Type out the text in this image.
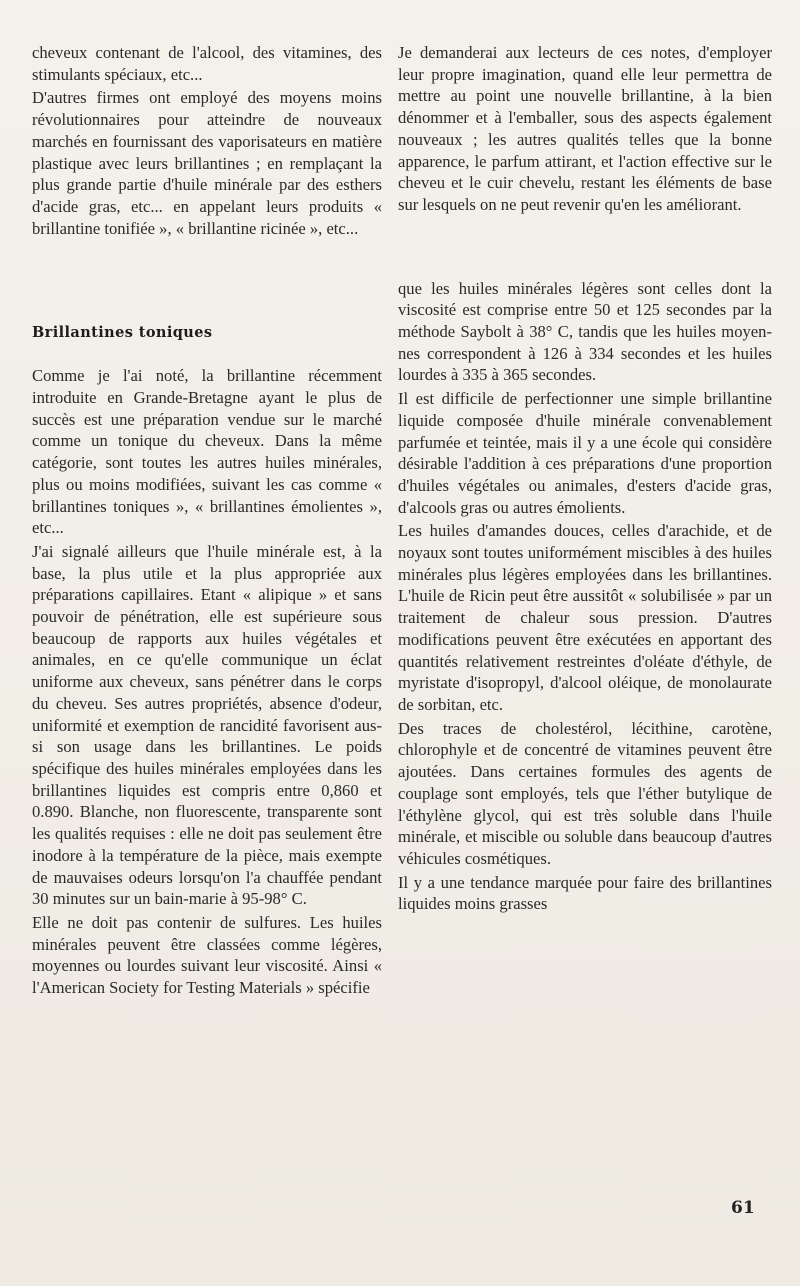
cheveux contenant de l'alcool, des vitamines, des stimulants spéciaux, etc...

D'autres firmes ont employé des moyens moins révolutionnaires pour atteindre de nouveaux marchés en fournissant des vaporisateurs en matière plastique avec leurs brillantines ; en remplaçant la plus grande partie d'huile minérale par des esthers d'acide gras, etc... en appelant leurs produits « brillantine tonifiée », « brillantine ricinée », etc...

Brillantines toniques

Comme je l'ai noté, la brillantine récemment introduite en Grande-Bretagne ayant le plus de succès est une préparation vendue sur le marché comme un tonique du cheveux. Dans la même catégorie, sont toutes les autres huiles minérales, plus ou moins modifiées, suivant les cas comme « brillantines toniques », « brillantines émolientes », etc...

J'ai signalé ailleurs que l'huile minérale est, à la base, la plus utile et la plus appropriée aux préparations capillaires. Etant « alipique » et sans pouvoir de pénétration, elle est supérieure sous beaucoup de rapports aux huiles végétales et animales, en ce qu'elle communique un éclat uniforme aux cheveux, sans pénétrer dans le corps du cheveu. Ses autres propriétés, absence d'odeur, uniformité et exemption de rancidité favorisent aussi son usage dans les brillantines. Le poids spécifique des huiles minérales employées dans les brillantines liquides est compris entre 0,860 et 0.890. Blanche, non fluorescente, transparente sont les qualités requises : elle ne doit pas seulement être inodore à la température de la pièce, mais exempte de mauvaises odeurs lorsqu'on l'a chauffée pendant 30 minutes sur un bain-marie à 95-98° C.

Elle ne doit pas contenir de sulfures. Les huiles minérales peuvent être classées comme légères, moyennes ou lourdes suivant leur viscosité. Ainsi « l'American Society for Testing Materials » spécifie

Je demanderai aux lecteurs de ces notes, d'employer leur propre imagination, quand elle leur permettra de mettre au point une nouvelle brillantine, à la bien dénommer et à l'emballer, sous des aspects également nouveaux ; les autres qualités telles que la bonne apparence, le parfum attirant, et l'action effective sur le cheveu et le cuir chevelu, restant les éléments de base sur lesquels on ne peut revenir qu'en les améliorant.

que les huiles minérales légères sont celles dont la viscosité est comprise entre 50 et 125 secondes par la méthode Saybolt à 38° C, tandis que les huiles moyennes correspondent à 126 à 334 secondes et les huiles lourdes à 335 à 365 secondes.

Il est difficile de perfectionner une simple brillantine liquide composée d'huile minérale convenablement parfumée et teintée, mais il y a une école qui considère désirable l'addition à ces préparations d'une proportion d'huiles végétales ou animales, d'esters d'acide gras, d'alcools gras ou autres émolients.

Les huiles d'amandes douces, celles d'arachide, et de noyaux sont toutes uniformément miscibles à des huiles minérales plus légères employées dans les brillantines. L'huile de Ricin peut être aussitôt « solubilisée » par un traitement de chaleur sous pression. D'autres modifications peuvent être exécutées en apportant des quantités relativement restreintes d'oléate d'éthyle, de myristate d'isopropyl, d'alcool oléique, de monolaurate de sorbitan, etc.

Des traces de cholestérol, lécithine, carotène, chlorophyle et de concentré de vitamines peuvent être ajoutées. Dans certaines formules des agents de couplage sont employés, tels que l'éther butylique de l'éthylène glycol, qui est très soluble dans l'huile minérale, et miscible ou soluble dans beaucoup d'autres véhicules cosmétiques.

Il y a une tendance marquée pour faire des brillantines liquides moins grasses

61
